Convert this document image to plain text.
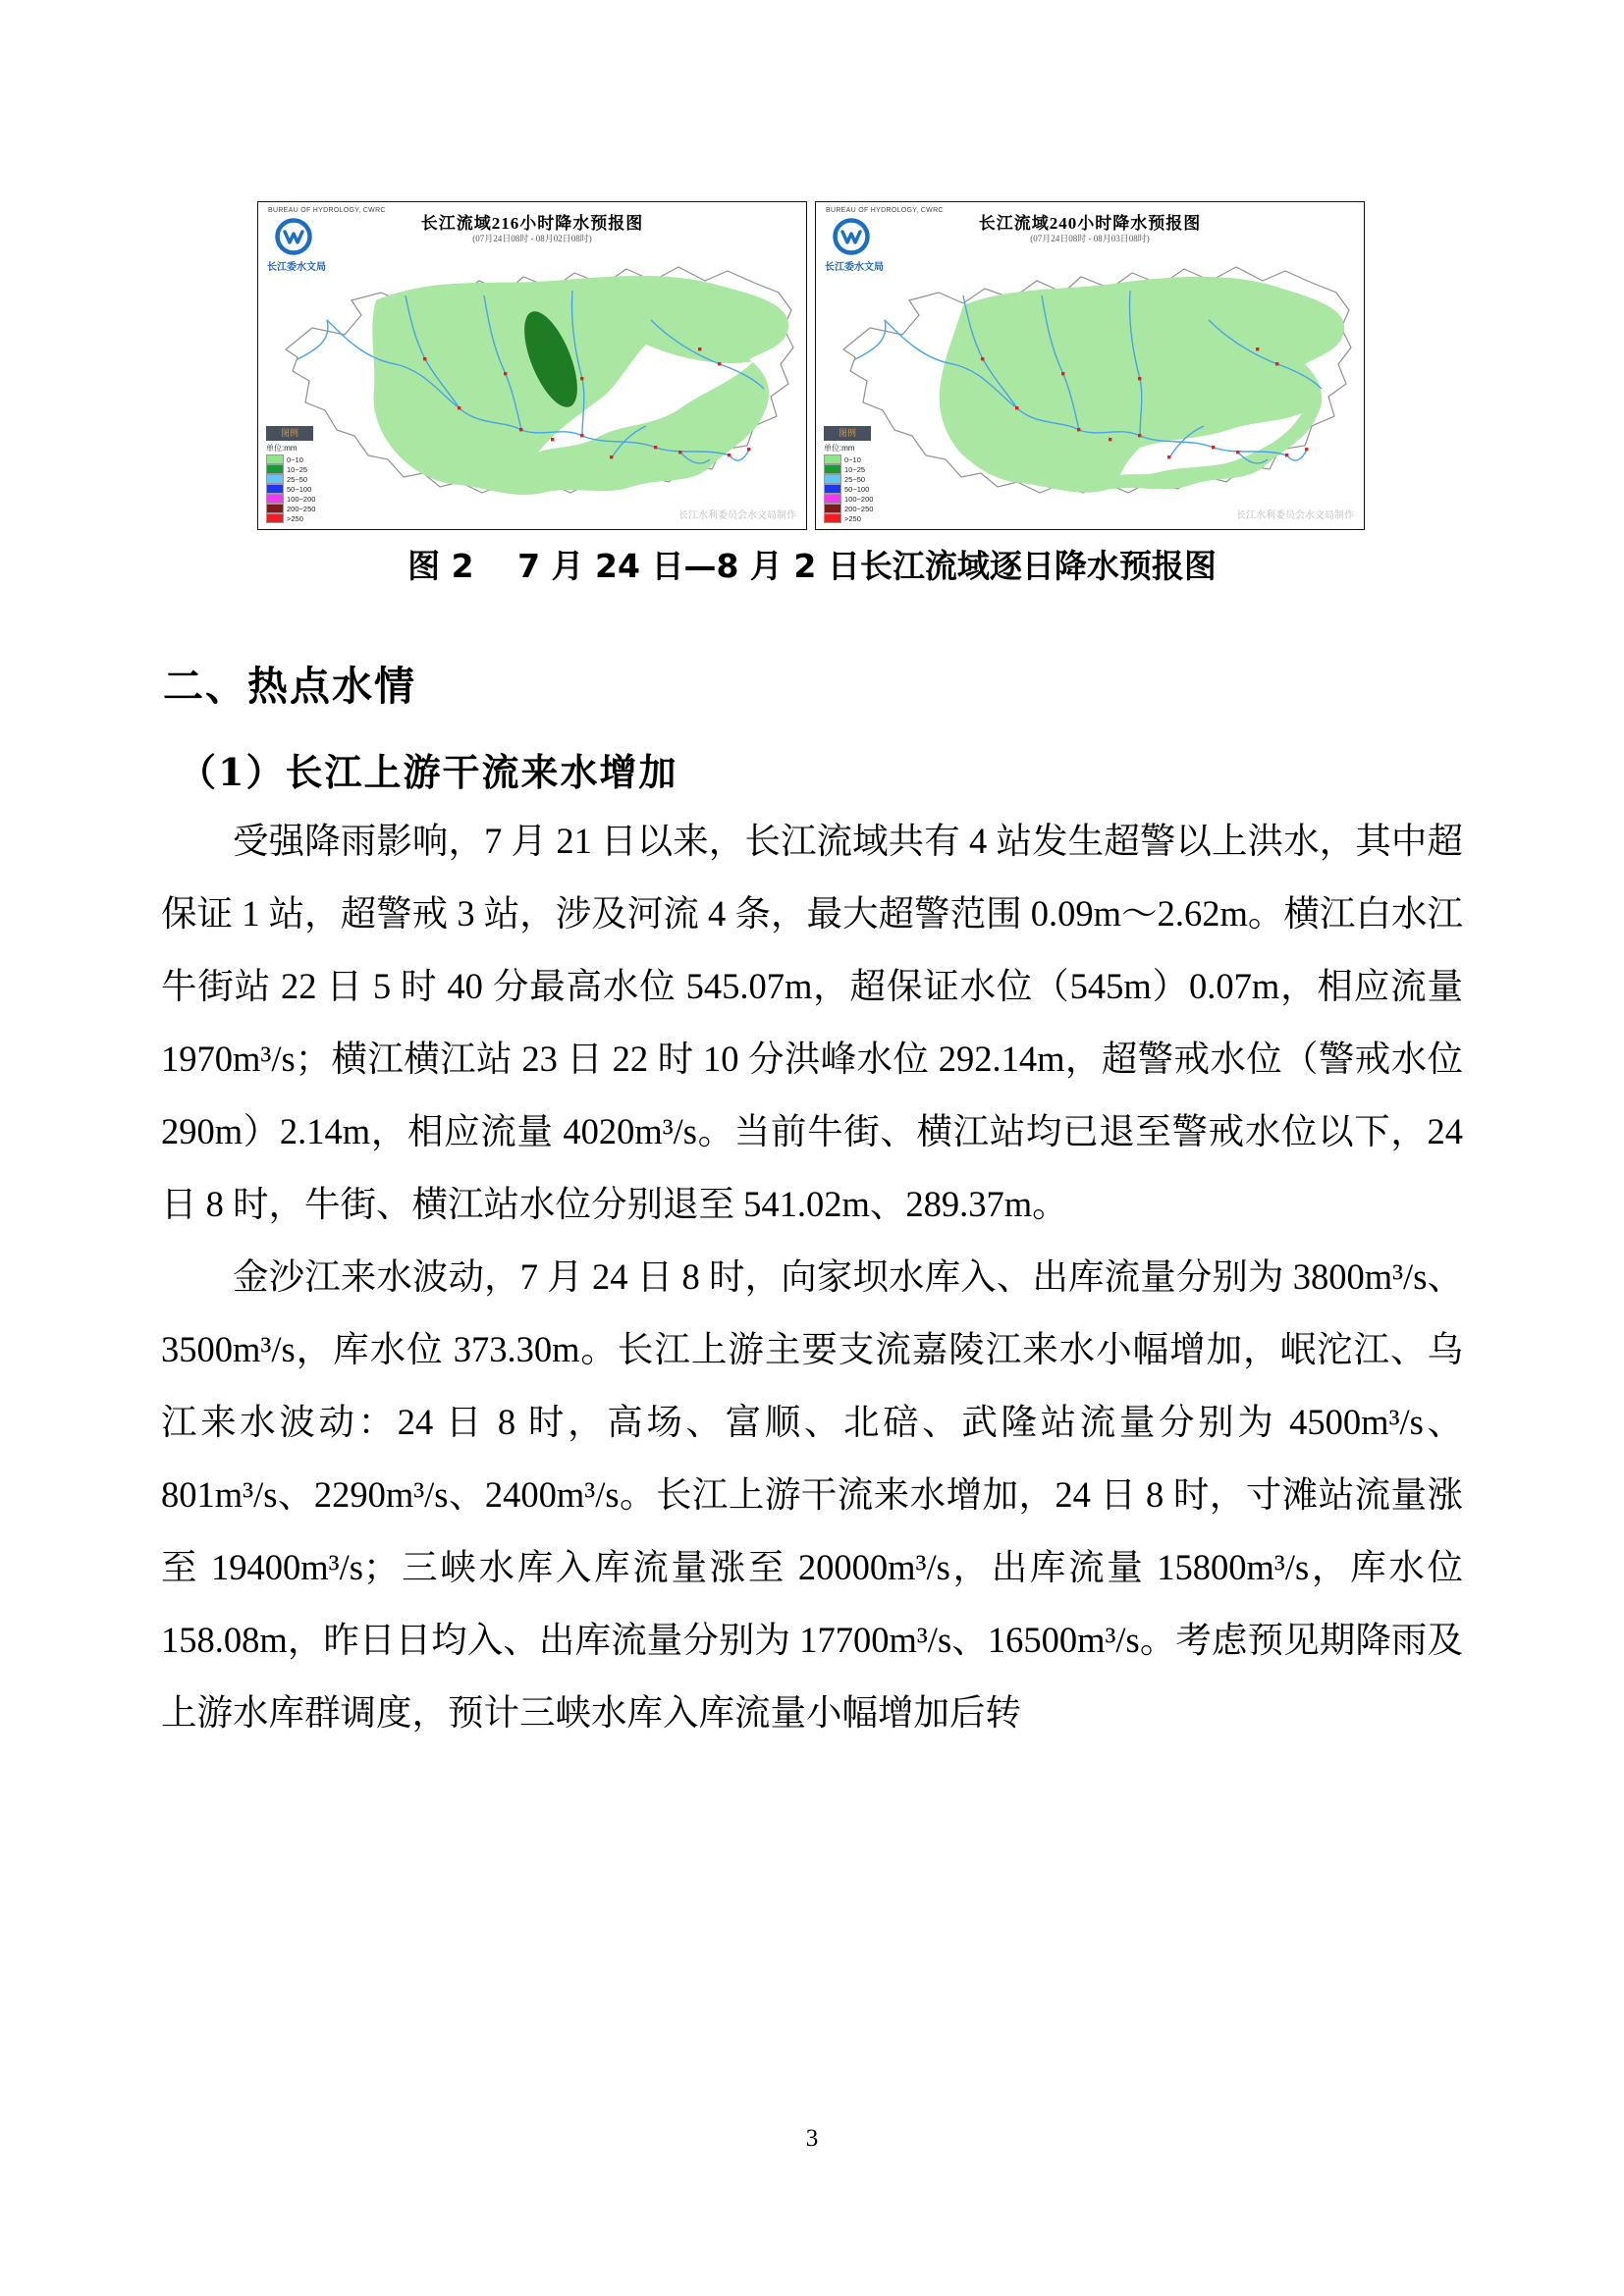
BUREAU OF HYDROLOGY, CWRC
长江委水文局
长江流域216小时降水预报图
(07月24日08时 - 08月02日08时)
图例
单位:mm
0~10
10~25
25~50
50~100
100~200
200~250
>250	长江水利委员会水文局制作
BUREAU OF HYDROLOGY, CWRC
长江委水文局
长江流域240小时降水预报图
(07月24日08时 - 08月03日08时)
图例
单位:mm
0~10
10~25
25~50
50~100
100~200
200~250
>250	长江水利委员会水文局制作
图 2　 7 月 24 日—8 月 2 日长江流域逐日降水预报图
二、热点水情
（1）长江上游干流来水增加

受强降雨影响，7 月 21 日以来，长江流域共有 4 站发生超警以上洪水，其中超保证 1 站，超警戒 3 站，涉及河流 4 条，最大超警范围 0.09m～2.62m。横江白水江牛街站 22 日 5 时 40 分最高水位 545.07m，超保证水位（545m）0.07m，相应流量 1970m³/s；横江横江站 23 日 22 时 10 分洪峰水位 292.14m，超警戒水位（警戒水位 290m）2.14m，相应流量 4020m³/s。当前牛街、横江站均已退至警戒水位以下，24 日 8 时，牛街、横江站水位分别退至 541.02m、289.37m。

金沙江来水波动，7 月 24 日 8 时，向家坝水库入、出库流量分别为 3800m³/s、3500m³/s，库水位 373.30m。长江上游主要支流嘉陵江来水小幅增加，岷沱江、乌江来水波动：24 日 8 时，高场、富顺、北碚、武隆站流量分别为 4500m³/s、801m³/s、2290m³/s、2400m³/s。长江上游干流来水增加，24 日 8 时，寸滩站流量涨至 19400m³/s；三峡水库入库流量涨至 20000m³/s，出库流量 15800m³/s，库水位 158.08m，昨日日均入、出库流量分别为 17700m³/s、16500m³/s。考虑预见期降雨及上游水库群调度，预计三峡水库入库流量小幅增加后转

3
